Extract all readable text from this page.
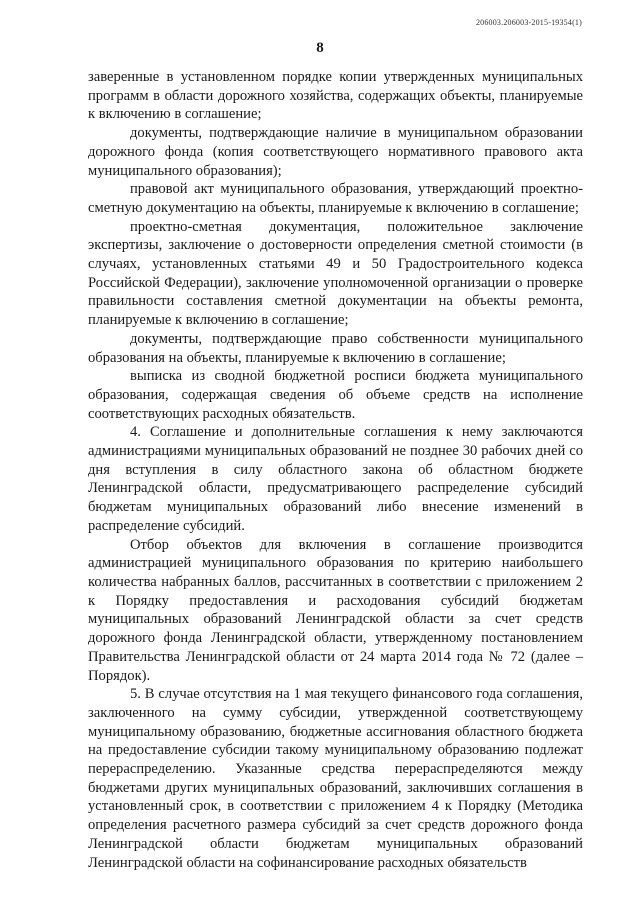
206003.206003-2015-19354(1)
8

заверенные в установленном порядке копии утвержденных муниципальных программ в области дорожного хозяйства, содержащих объекты, планируемые к включению в соглашение;

документы, подтверждающие наличие в муниципальном образовании дорожного фонда (копия соответствующего нормативного правового акта муниципального образования);

правовой акт муниципального образования, утверждающий проектно-сметную документацию на объекты, планируемые к включению в соглашение;

проектно-сметная документация, положительное заключение экспертизы, заключение о достоверности определения сметной стоимости (в случаях, установленных статьями 49 и 50 Градостроительного кодекса Российской Федерации), заключение уполномоченной организации о проверке правильности составления сметной документации на объекты ремонта, планируемые к включению в соглашение;

документы, подтверждающие право собственности муниципального образования на объекты, планируемые к включению в соглашение;

выписка из сводной бюджетной росписи бюджета муниципального образования, содержащая сведения об объеме средств на исполнение соответствующих расходных обязательств.

4. Соглашение и дополнительные соглашения к нему заключаются администрациями муниципальных образований не позднее 30 рабочих дней со дня вступления в силу областного закона об областном бюджете Ленинградской области, предусматривающего распределение субсидий бюджетам муниципальных образований либо внесение изменений в распределение субсидий.

Отбор объектов для включения в соглашение производится администрацией муниципального образования по критерию наибольшего количества набранных баллов, рассчитанных в соответствии с приложением 2 к Порядку предоставления и расходования субсидий бюджетам муниципальных образований Ленинградской области за счет средств дорожного фонда Ленинградской области, утвержденному постановлением Правительства Ленинградской области от 24 марта 2014 года № 72 (далее – Порядок).

5. В случае отсутствия на 1 мая текущего финансового года соглашения, заключенного на сумму субсидии, утвержденной соответствующему муниципальному образованию, бюджетные ассигнования областного бюджета на предоставление субсидии такому муниципальному образованию подлежат перераспределению. Указанные средства перераспределяются между бюджетами других муниципальных образований, заключивших соглашения в установленный срок, в соответствии с приложением 4 к Порядку (Методика определения расчетного размера субсидий за счет средств дорожного фонда Ленинградской области бюджетам муниципальных образований Ленинградской области на софинансирование расходных обязательств
